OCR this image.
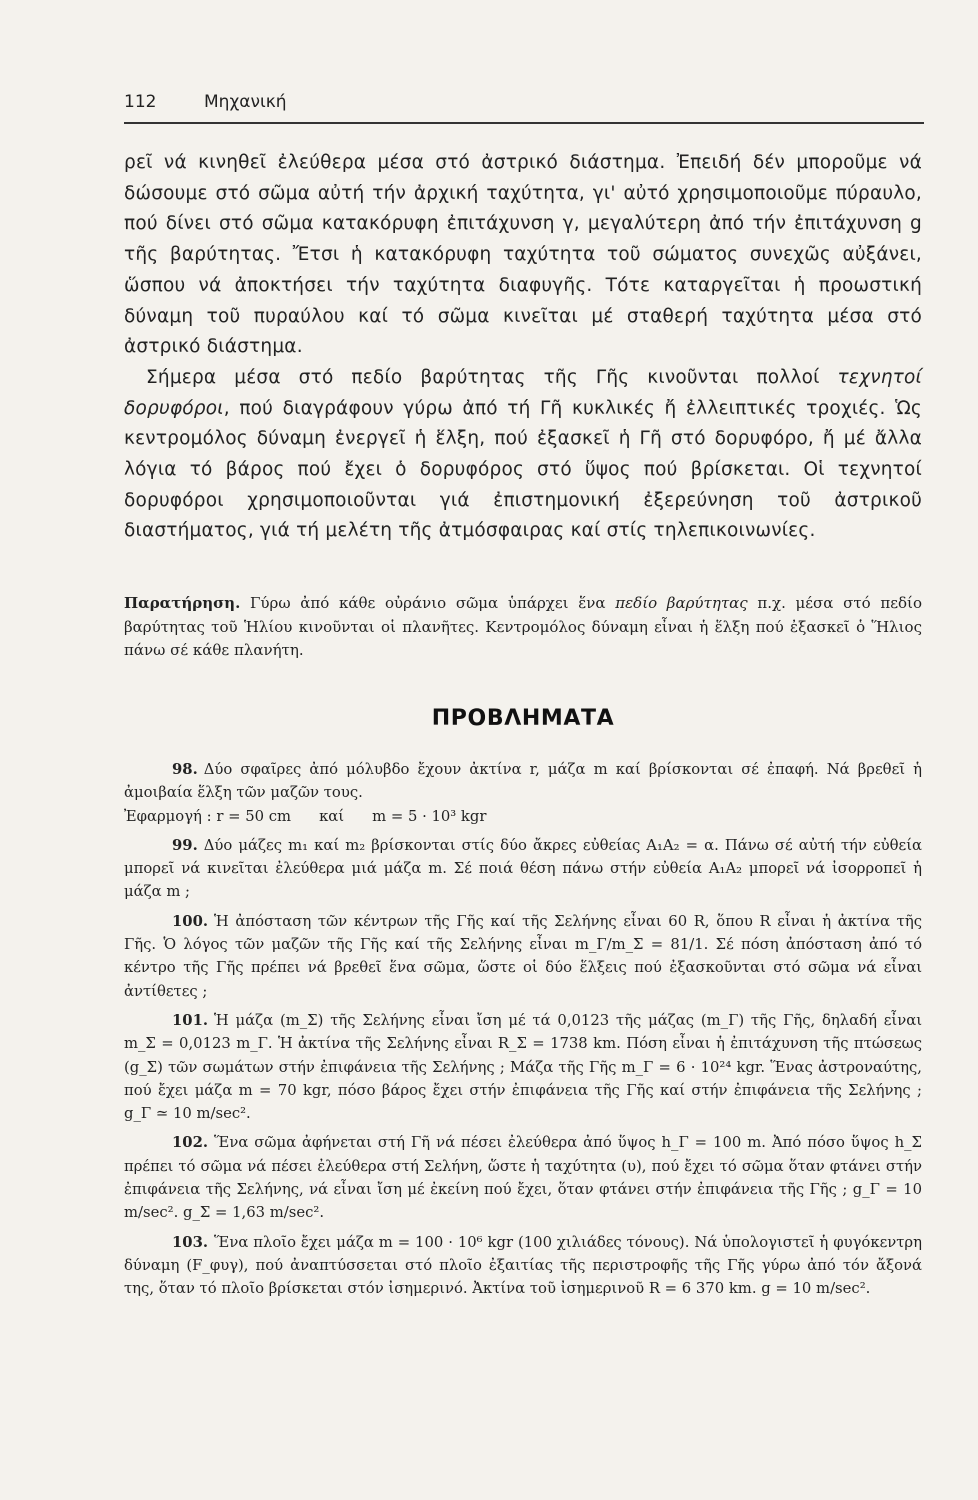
112	Μηχανική

ρεῖ νά κινηθεῖ ἐλεύθερα μέσα στό ἀστρικό διάστημα. Ἐπειδή δέν μποροῦμε νά δώσουμε στό σῶμα αὐτή τήν ἀρχική ταχύτητα, γι' αὐτό χρησιμοποιοῦμε πύραυλο, πού δίνει στό σῶμα κατακόρυφη ἐπιτάχυνση γ, μεγαλύτερη ἀπό τήν ἐπιτάχυνση g τῆς βαρύτητας. Ἔτσι ἡ κατακόρυφη ταχύτητα τοῦ σώματος συνεχῶς αὐξάνει, ὥσπου νά ἀποκτήσει τήν ταχύτητα διαφυγῆς. Τότε καταργεῖται ἡ προωστική δύναμη τοῦ πυραύλου καί τό σῶμα κινεῖται μέ σταθερή ταχύτητα μέσα στό ἀστρικό διάστημα.

Σήμερα μέσα στό πεδίο βαρύτητας τῆς Γῆς κινοῦνται πολλοί τεχνητοί δορυφόροι, πού διαγράφουν γύρω ἀπό τή Γῆ κυκλικές ἤ ἐλλειπτικές τροχιές. Ὡς κεντρομόλος δύναμη ἐνεργεῖ ἡ ἕλξη, πού ἐξασκεῖ ἡ Γῆ στό δορυφόρο, ἤ μέ ἄλλα λόγια τό βάρος πού ἔχει ὁ δορυφόρος στό ὕψος πού βρίσκεται. Οἱ τεχνητοί δορυφόροι χρησιμοποιοῦνται γιά ἐπιστημονική ἐξερεύνηση τοῦ ἀστρικοῦ διαστήματος, γιά τή μελέτη τῆς ἀτμόσφαιρας καί στίς τηλεπικοινωνίες.

Παρατήρηση. Γύρω ἀπό κάθε οὐράνιο σῶμα ὑπάρχει ἕνα πεδίο βαρύτητας π.χ. μέσα στό πεδίο βαρύτητας τοῦ Ἡλίου κινοῦνται οἱ πλανῆτες. Κεντρομόλος δύναμη εἶναι ἡ ἕλξη πού ἐξασκεῖ ὁ Ἥλιος πάνω σέ κάθε πλανήτη.

ΠΡΟΒΛΗΜΑΤΑ

98. Δύο σφαῖρες ἀπό μόλυβδο ἔχουν ἀκτίνα r, μάζα m καί βρίσκονται σέ ἐπαφή. Νά βρεθεῖ ἡ ἀμοιβαία ἕλξη τῶν μαζῶν τους.
Ἐφαρμογή : r = 50 cm καί m = 5 · 10³ kgr

99. Δύο μάζες m₁ καί m₂ βρίσκονται στίς δύο ἄκρες εὐθείας A₁A₂ = α. Πάνω σέ αὐτή τήν εὐθεία μπορεῖ νά κινεῖται ἐλεύθερα μιά μάζα m. Σέ ποιά θέση πάνω στήν εὐθεία A₁A₂ μπορεῖ νά ἰσορροπεῖ ἡ μάζα m ;

100. Ἡ ἀπόσταση τῶν κέντρων τῆς Γῆς καί τῆς Σελήνης εἶναι 60 R, ὅπου R εἶναι ἡ ἀκτίνα τῆς Γῆς. Ὁ λόγος τῶν μαζῶν τῆς Γῆς καί τῆς Σελήνης εἶναι m_Γ/m_Σ = 81/1. Σέ πόση ἀπόσταση ἀπό τό κέντρο τῆς Γῆς πρέπει νά βρεθεῖ ἕνα σῶμα, ὥστε οἱ δύο ἕλξεις πού ἐξασκοῦνται στό σῶμα νά εἶναι ἀντίθετες ;

101. Ἡ μάζα (m_Σ) τῆς Σελήνης εἶναι ἴση μέ τά 0,0123 τῆς μάζας (m_Γ) τῆς Γῆς, δηλαδή εἶναι m_Σ = 0,0123 m_Γ. Ἡ ἀκτίνα τῆς Σελήνης εἶναι R_Σ = 1738 km. Πόση εἶναι ἡ ἐπιτάχυνση τῆς πτώσεως (g_Σ) τῶν σωμάτων στήν ἐπιφάνεια τῆς Σελήνης ; Μάζα τῆς Γῆς m_Γ = 6 · 10²⁴ kgr. Ἕνας ἀστροναύτης, πού ἔχει μάζα m = 70 kgr, πόσο βάρος ἔχει στήν ἐπιφάνεια τῆς Γῆς καί στήν ἐπιφάνεια τῆς Σελήνης ; g_Γ ≃ 10 m/sec².

102. Ἕνα σῶμα ἀφήνεται στή Γῆ νά πέσει ἐλεύθερα ἀπό ὕψος h_Γ = 100 m. Ἀπό πόσο ὕψος h_Σ πρέπει τό σῶμα νά πέσει ἐλεύθερα στή Σελήνη, ὥστε ἡ ταχύτητα (υ), πού ἔχει τό σῶμα ὅταν φτάνει στήν ἐπιφάνεια τῆς Σελήνης, νά εἶναι ἴση μέ ἐκείνη πού ἔχει, ὅταν φτάνει στήν ἐπιφάνεια τῆς Γῆς ; g_Γ = 10 m/sec². g_Σ = 1,63 m/sec².

103. Ἕνα πλοῖο ἔχει μάζα m = 100 · 10⁶ kgr (100 χιλιάδες τόνους). Νά ὑπολογιστεῖ ἡ φυγόκεντρη δύναμη (F_φυγ), πού ἀναπτύσσεται στό πλοῖο ἐξαιτίας τῆς περιστροφῆς τῆς Γῆς γύρω ἀπό τόν ἄξονά της, ὅταν τό πλοῖο βρίσκεται στόν ἰσημερινό. Ἀκτίνα τοῦ ἰσημερινοῦ R = 6 370 km. g = 10 m/sec².
